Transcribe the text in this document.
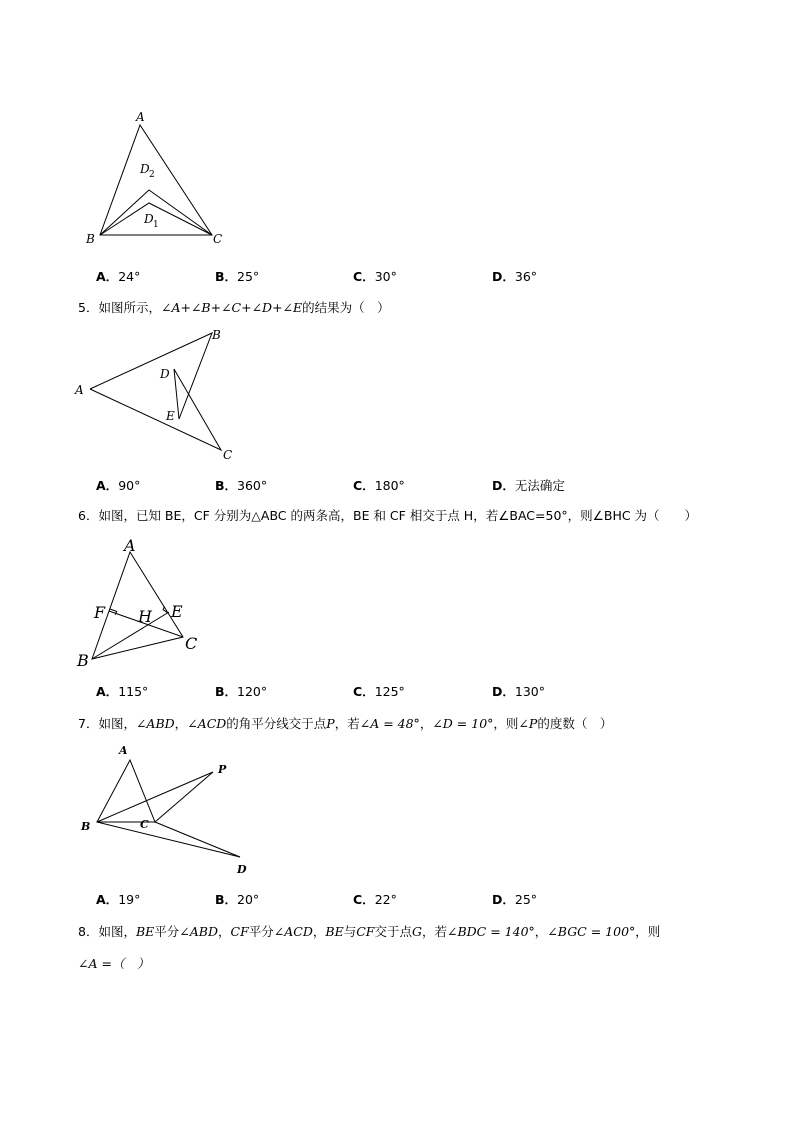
A
B	C
D 2
D 1
A．24°	B．25°	C．30°	D．36°
5．如图所示，∠A+∠B+∠C+∠D+∠E的结果为（　）
A
B
C
D
E
A．90°	B．360°	C．180°	D．无法确定
6．如图，已知 BE，CF 分别为△ABC 的两条高，BE 和 CF 相交于点 H，若∠BAC=50°，则∠BHC 为（　　）
A
B
C
E
F H
A．115°	B．120°	C．125°	D．130°
7．如图，∠ABD，∠ACD的角平分线交于点P，若∠A = 48°，∠D = 10°，则∠P的度数（　）
A
B	C
D
P
A．19°	B．20°	C．22°	D．25°
8．如图，BE平分∠ABD，CF平分∠ACD，BE与CF交于点G，若∠BDC = 140°，∠BGC = 100°，则
∠A =（　）
